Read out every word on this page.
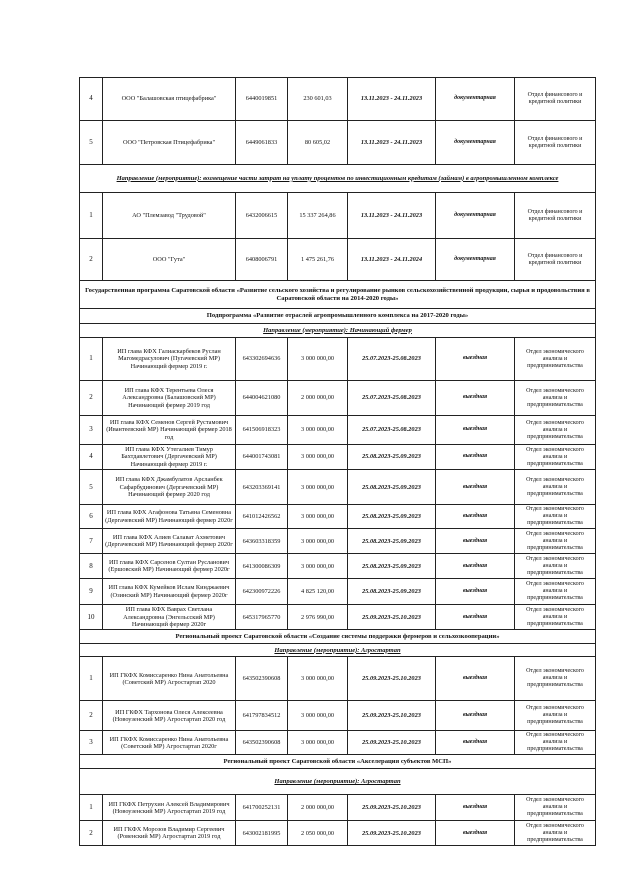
4	ООО "Балашовская птицефабрика"	6440019851	230 601,03	13.11.2023 - 24.11.2023	документарная	Отдел финансового и кредитной политики
5	ООО "Петровская Птицефабрика"	6449061833	80 605,02	13.11.2023 - 24.11.2023	документарная	Отдел финансового и кредитной политики
Направление (мероприятие): возмещение части затрат на уплату процентов по инвестиционным кредитам (займам) в агропромышленном комплексе						
1	АО "Племзавод "Трудовой"	6432006615	15 337 264,86	13.11.2023 - 24.11.2023	документарная	Отдел финансового и кредитной политики
2	ООО "Гута"	6408006791	1 475 261,76	13.11.2023 - 24.11.2024	документарная	Отдел финансового и кредитной политики
Государственная программа Саратовской области «Развитие сельского хозяйства и регулирование рынков сельскохозяйственной продукции, сырья и продовольствия в Саратовской области на 2014-2020 годы»						
Подпрограмма «Развитие отраслей агропромышленного комплекса на 2017-2020 годы»						
Направление (мероприятие): Начинающий фермер						
1	ИП глава КФХ Галиаскарбеков Руслан Магомедрасулович (Пугачевский МР) Начинающий фермер 2019 г.	643302694636	3 000 000,00	25.07.2023-25.08.2023	выездная	Отдел экономического анализа и предпринимательства
2	ИП глава КФХ Терентьева Олеся Александровна (Балашовский МР) Начинающий фермер 2019 год	644004621080	2 000 000,00	25.07.2023-25.08.2023	выездная	Отдел экономического анализа и предпринимательства
3	ИП глава КФХ Семенов Сергей Рустамович (Ивантеевский МР) Начинающий фермер 2018 год	641506918323	3 000 000,00	25.07.2023-25.08.2023	выездная	Отдел экономического анализа и предпринимательства
4	ИП глава КФХ Утегалиев Тимур Бахтдавлетович (Дергачевский МР) Начинающий фермер 2019 г.	644001743081	3 000 000,00	25.08.2023-25.09.2023	выездная	Отдел экономического анализа и предпринимательства
5	ИП глава КФХ Джамбулатов Арсланбек Сафарбудинович (Дергачевский МР) Начинающий фермер 2020 год	643203369141	3 000 000,00	25.08.2023-25.09.2023	выездная	Отдел экономического анализа и предпринимательства
6	ИП глава КФХ Агафонова Татьяна Семеновна (Дергачевский МР) Начинающий фермер 2020г	641012426562	3 000 000,00	25.08.2023-25.09.2023	выездная	Отдел экономического анализа и предпринимательства
7	ИП глава КФХ Алиев Салават Ахметович (Дергачевский МР) Начинающий фермер 2020г	643603318359	3 000 000,00	25.08.2023-25.09.2023	выездная	Отдел экономического анализа и предпринимательства
8	ИП глава КФХ Сарсенов Султан Русланович (Ершовский МР) Начинающий фермер 2020г	641300086309	3 000 000,00	25.08.2023-25.09.2023	выездная	Отдел экономического анализа и предпринимательства
9	ИП глава КФХ Кумейков Ислам Кинджаевич (Озинский МР) Начинающий фермер 2020г	642300972226	4 825 120,00	25.08.2023-25.09.2023	выездная	Отдел экономического анализа и предпринимательства
10	ИП глава КФХ Ваврах Светлана Александровна (Энгельсский МР) Начинающий фермер 2020г	645317965770	2 976 990,00	25.09.2023-25.10.2023	выездная	Отдел экономического анализа и предпринимательства
Региональный проект Саратовской области «Создание системы поддержки фермеров и сельхозкооперации»						
Направление (мероприятие): Агростартап						
1	ИП ГКФХ Комиссаренко Нина Анатольевна (Советский МР) Агростартап 2020	643502390608	3 000 000,00	25.09.2023-25.10.2023	выездная	Отдел экономического анализа и предпринимательства
2	ИП ГКФХ Тархонова Олеся Алексеевна (Новоузенский МР) Агростартап 2020 год	641797834512	3 000 000,00	25.09.2023-25.10.2023	выездная	Отдел экономического анализа и предпринимательства
3	ИП ГКФХ Комиссаренко Нина Анатольевна (Советский МР) Агростартап 2020г	643502390608	3 000 000,00	25.09.2023-25.10.2023	выездная	Отдел экономического анализа и предпринимательства
Региональный проект Саратовской области «Акселерация субъектов МСП»						
Направление (мероприятие): Агростартап						
1	ИП ГКФХ Петрухин Алексей Владимирович (Новоузенский МР) Агростартап 2019 год	641700252131	2 000 000,00	25.09.2023-25.10.2023	выездная	Отдел экономического анализа и предпринимательства
2	ИП ГКФХ Морозов Владимир Сергеевич (Ровенский МР) Агростартап 2019 год	643002181995	2 050 000,00	25.09.2023-25.10.2023	выездная	Отдел экономического анализа и предпринимательства
